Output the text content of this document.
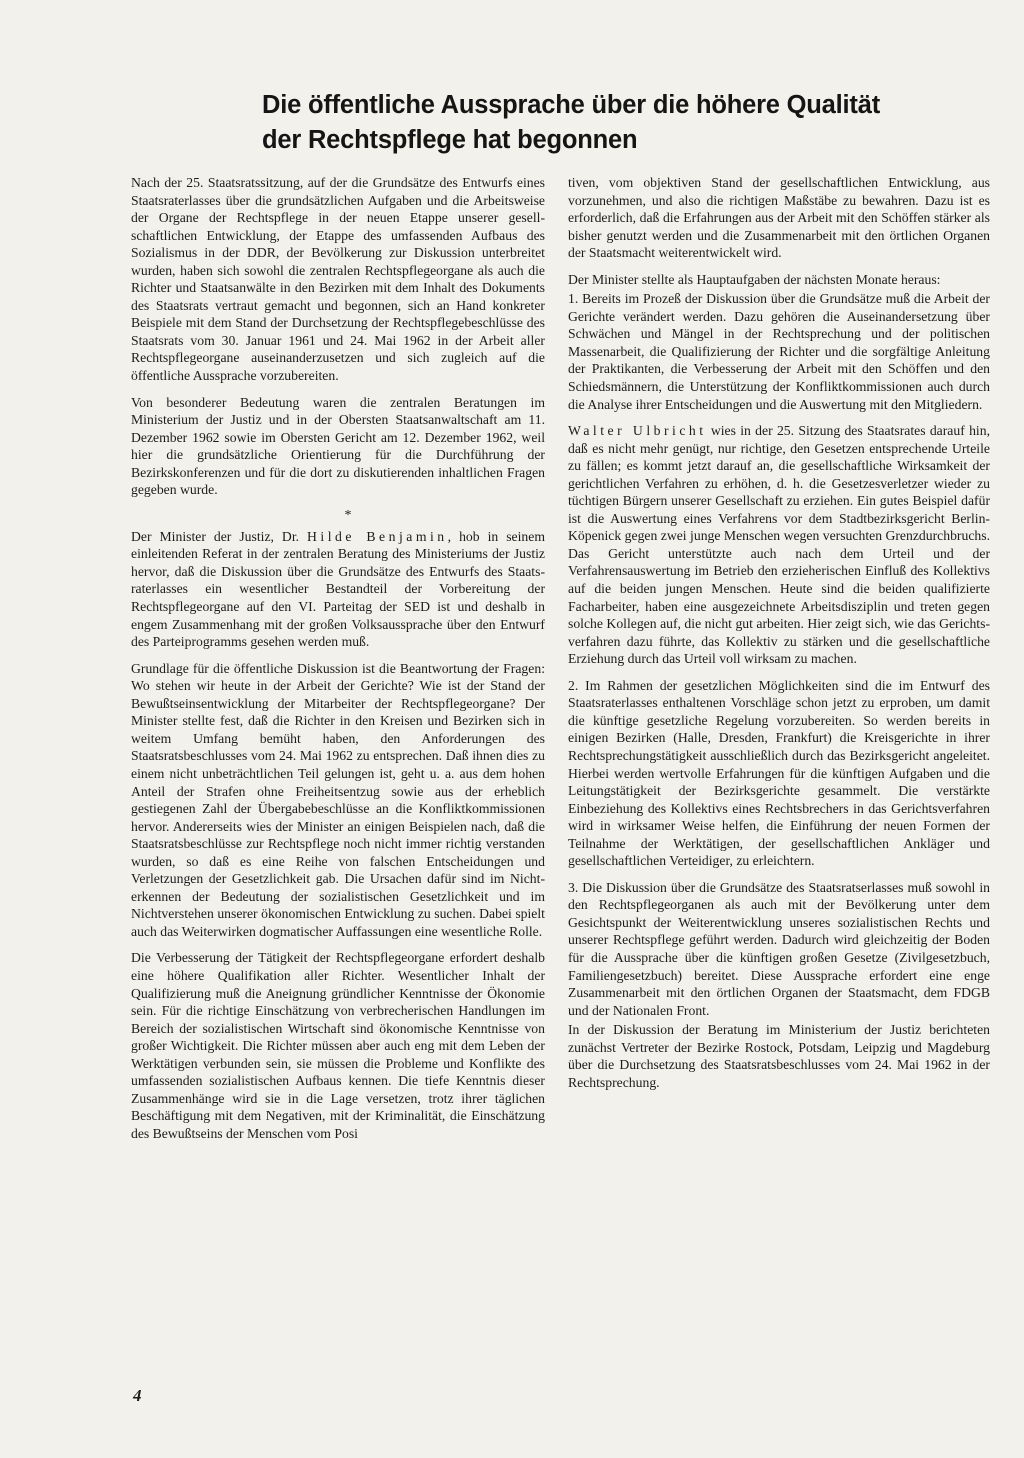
Die öffentliche Aussprache über die höhere Qualität
der Rechtspflege hat begonnen

Nach der 25. Staatsratssitzung, auf der die Grundsätze des Entwurfs eines Staatsraterlasses über die grundsätzlichen Aufgaben und die Arbeitsweise der Organe der Rechtspflege in der neuen Etappe unserer gesellschaftlichen Entwicklung, der Etappe des umfassenden Aufbaus des Sozialismus in der DDR, der Bevölkerung zur Diskussion unterbreitet wurden, haben sich sowohl die zentralen Rechtspflegeorgane als auch die Richter und Staatsanwälte in den Bezirken mit dem Inhalt des Dokuments des Staatsrats vertraut gemacht und begonnen, sich an Hand konkreter Beispiele mit dem Stand der Durchsetzung der Rechtspflegebeschlüsse des Staatsrats vom 30. Januar 1961 und 24. Mai 1962 in der Arbeit aller Rechtspflegeorgane auseinanderzusetzen und sich zugleich auf die öffentliche Aussprache vorzubereiten.

Von besonderer Bedeutung waren die zentralen Beratungen im Ministerium der Justiz und in der Obersten Staatsanwaltschaft am 11. Dezember 1962 sowie im Obersten Gericht am 12. Dezember 1962, weil hier die grundsätzliche Orientierung für die Durchführung der Bezirkskonferenzen und für die dort zu diskutierenden inhaltlichen Fragen gegeben wurde.

*

Der Minister der Justiz, Dr. Hilde Benjamin, hob in seinem einleitenden Referat in der zentralen Beratung des Ministeriums der Justiz hervor, daß die Diskussion über die Grundsätze des Entwurfs des Staatsraterlasses ein wesentlicher Bestandteil der Vorbereitung der Rechtspflegeorgane auf den VI. Parteitag der SED ist und deshalb in engem Zusammenhang mit der großen Volksaussprache über den Entwurf des Parteiprogramms gesehen werden muß.

Grundlage für die öffentliche Diskussion ist die Beantwortung der Fragen: Wo stehen wir heute in der Arbeit der Gerichte? Wie ist der Stand der Bewußtseinsentwicklung der Mitarbeiter der Rechtspflegeorgane? Der Minister stellte fest, daß die Richter in den Kreisen und Bezirken sich in weitem Umfang bemüht haben, den Anforderungen des Staatsratsbeschlusses vom 24. Mai 1962 zu entsprechen. Daß ihnen dies zu einem nicht unbeträchtlichen Teil gelungen ist, geht u. a. aus dem hohen Anteil der Strafen ohne Freiheitsentzug sowie aus der erheblich gestiegenen Zahl der Übergabebeschlüsse an die Konfliktkommissionen hervor. Andererseits wies der Minister an einigen Beispielen nach, daß die Staatsratsbeschlüsse zur Rechtspflege noch nicht immer richtig verstanden wurden, so daß es eine Reihe von falschen Entscheidungen und Verletzungen der Gesetzlichkeit gab. Die Ursachen dafür sind im Nichterkennen der Bedeutung der sozialistischen Gesetzlichkeit und im Nichtverstehen unserer ökonomischen Entwicklung zu suchen. Dabei spielt auch das Weiterwirken dogmatischer Auffassungen eine wesentliche Rolle.

Die Verbesserung der Tätigkeit der Rechtspflegeorgane erfordert deshalb eine höhere Qualifikation aller Richter. Wesentlicher Inhalt der Qualifizierung muß die Aneignung gründlicher Kenntnisse der Ökonomie sein. Für die richtige Einschätzung von verbrecherischen Handlungen im Bereich der sozialistischen Wirtschaft sind ökonomische Kenntnisse von großer Wichtigkeit. Die Richter müssen aber auch eng mit dem Leben der Werktätigen verbunden sein, sie müssen die Probleme und Konflikte des umfassenden sozialistischen Aufbaus kennen. Die tiefe Kenntnis dieser Zusammenhänge wird sie in die Lage versetzen, trotz ihrer täglichen Beschäftigung mit dem Negativen, mit der Kriminalität, die Einschätzung des Bewußtseins der Menschen vom Posi

tiven, vom objektiven Stand der gesellschaftlichen Entwicklung, aus vorzunehmen, und also die richtigen Maßstäbe zu bewahren. Dazu ist es erforderlich, daß die Erfahrungen aus der Arbeit mit den Schöffen stärker als bisher genutzt werden und die Zusammenarbeit mit den örtlichen Organen der Staatsmacht weiterentwickelt wird.

Der Minister stellte als Hauptaufgaben der nächsten Monate heraus:

1. Bereits im Prozeß der Diskussion über die Grundsätze muß die Arbeit der Gerichte verändert werden. Dazu gehören die Auseinandersetzung über Schwächen und Mängel in der Rechtsprechung und der politischen Massenarbeit, die Qualifizierung der Richter und die sorgfältige Anleitung der Praktikanten, die Verbesserung der Arbeit mit den Schöffen und den Schiedsmännern, die Unterstützung der Konfliktkommissionen auch durch die Analyse ihrer Entscheidungen und die Auswertung mit den Mitgliedern.

Walter Ulbricht wies in der 25. Sitzung des Staatsrates darauf hin, daß es nicht mehr genügt, nur richtige, den Gesetzen entsprechende Urteile zu fällen; es kommt jetzt darauf an, die gesellschaftliche Wirksamkeit der gerichtlichen Verfahren zu erhöhen, d. h. die Gesetzesverletzer wieder zu tüchtigen Bürgern unserer Gesellschaft zu erziehen. Ein gutes Beispiel dafür ist die Auswertung eines Verfahrens vor dem Stadtbezirksgericht Berlin-Köpenick gegen zwei junge Menschen wegen versuchten Grenzdurchbruchs. Das Gericht unterstützte auch nach dem Urteil und der Verfahrensauswertung im Betrieb den erzieherischen Einfluß des Kollektivs auf die beiden jungen Menschen. Heute sind die beiden qualifizierte Facharbeiter, haben eine ausgezeichnete Arbeitsdisziplin und treten gegen solche Kollegen auf, die nicht gut arbeiten. Hier zeigt sich, wie das Gerichtsverfahren dazu führte, das Kollektiv zu stärken und die gesellschaftliche Erziehung durch das Urteil voll wirksam zu machen.

2. Im Rahmen der gesetzlichen Möglichkeiten sind die im Entwurf des Staatsraterlasses enthaltenen Vorschläge schon jetzt zu erproben, um damit die künftige gesetzliche Regelung vorzubereiten. So werden bereits in einigen Bezirken (Halle, Dresden, Frankfurt) die Kreisgerichte in ihrer Rechtsprechungstätigkeit ausschließlich durch das Bezirksgericht angeleitet. Hierbei werden wertvolle Erfahrungen für die künftigen Aufgaben und die Leitungstätigkeit der Bezirksgerichte gesammelt. Die verstärkte Einbeziehung des Kollektivs eines Rechtsbrechers in das Gerichtsverfahren wird in wirksamer Weise helfen, die Einführung der neuen Formen der Teilnahme der Werktätigen, der gesellschaftlichen Ankläger und gesellschaftlichen Verteidiger, zu erleichtern.

3. Die Diskussion über die Grundsätze des Staatsratserlasses muß sowohl in den Rechtspflegeorganen als auch mit der Bevölkerung unter dem Gesichtspunkt der Weiterentwicklung unseres sozialistischen Rechts und unserer Rechtspflege geführt werden. Dadurch wird gleichzeitig der Boden für die Aussprache über die künftigen großen Gesetze (Zivilgesetzbuch, Familiengesetzbuch) bereitet. Diese Aussprache erfordert eine enge Zusammenarbeit mit den örtlichen Organen der Staatsmacht, dem FDGB und der Nationalen Front.

In der Diskussion der Beratung im Ministerium der Justiz berichteten zunächst Vertreter der Bezirke Rostock, Potsdam, Leipzig und Magdeburg über die Durchsetzung des Staatsratsbeschlusses vom 24. Mai 1962 in der Rechtsprechung.

4
